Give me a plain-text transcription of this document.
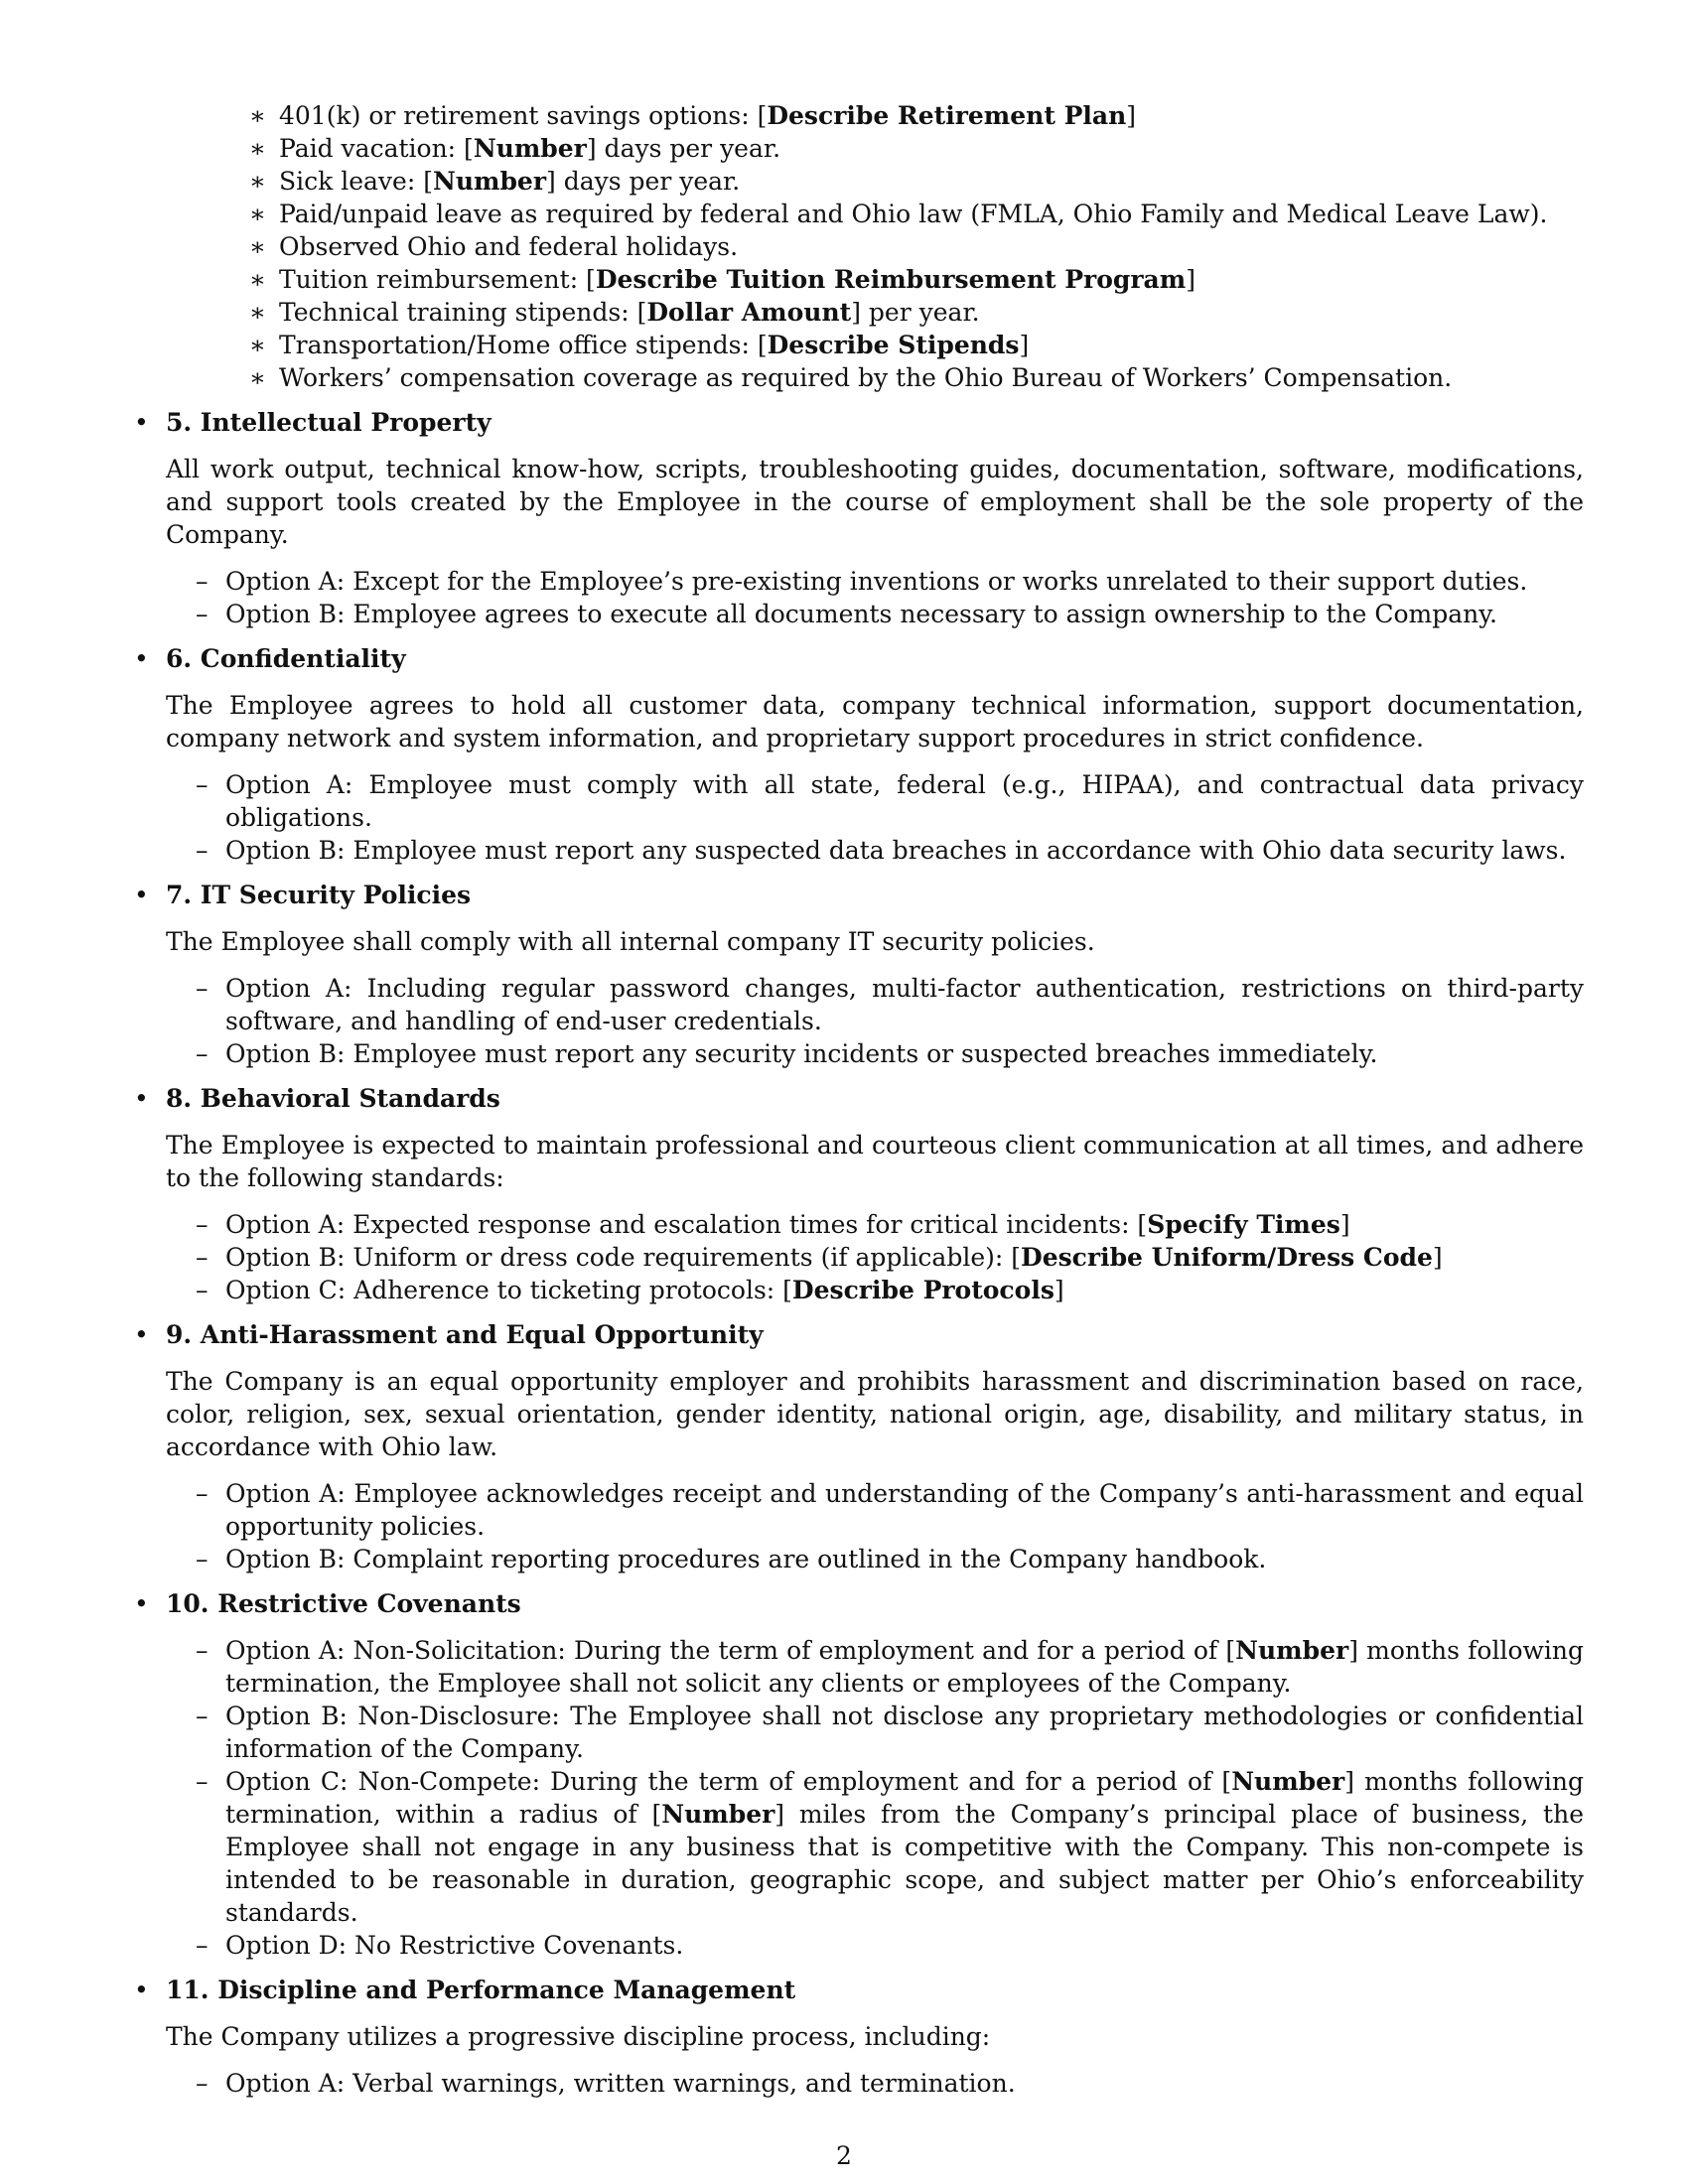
∗ 401(k) or retirement savings options: [Describe Retirement Plan]
∗ Paid vacation: [Number] days per year.
∗ Sick leave: [Number] days per year.
∗ Paid/unpaid leave as required by federal and Ohio law (FMLA, Ohio Family and Medical Leave Law).
∗ Observed Ohio and federal holidays.
∗ Tuition reimbursement: [Describe Tuition Reimbursement Program]
∗ Technical training stipends: [Dollar Amount] per year.
∗ Transportation/Home office stipends: [Describe Stipends]
∗ Workers’ compensation coverage as required by the Ohio Bureau of Workers’ Compensation.
• 5. Intellectual Property

All work output, technical know-how, scripts, troubleshooting guides, documentation, software, modifications, and support tools created by the Employee in the course of employment shall be the sole property of the Company.

– Option A: Except for the Employee’s pre-existing inventions or works unrelated to their support duties.
– Option B: Employee agrees to execute all documents necessary to assign ownership to the Company.
• 6. Confidentiality

The Employee agrees to hold all customer data, company technical information, support documentation, company network and system information, and proprietary support procedures in strict confidence.

– Option A: Employee must comply with all state, federal (e.g., HIPAA), and contractual data privacy obligations.
– Option B: Employee must report any suspected data breaches in accordance with Ohio data security laws.
• 7. IT Security Policies

The Employee shall comply with all internal company IT security policies.

– Option A: Including regular password changes, multi-factor authentication, restrictions on third-party software, and handling of end-user credentials.
– Option B: Employee must report any security incidents or suspected breaches immediately.
• 8. Behavioral Standards

The Employee is expected to maintain professional and courteous client communication at all times, and adhere to the following standards:

– Option A: Expected response and escalation times for critical incidents: [Specify Times]
– Option B: Uniform or dress code requirements (if applicable): [Describe Uniform/Dress Code]
– Option C: Adherence to ticketing protocols: [Describe Protocols]
• 9. Anti-Harassment and Equal Opportunity

The Company is an equal opportunity employer and prohibits harassment and discrimination based on race, color, religion, sex, sexual orientation, gender identity, national origin, age, disability, and military status, in accordance with Ohio law.

– Option A: Employee acknowledges receipt and understanding of the Company’s anti-harassment and equal opportunity policies.
– Option B: Complaint reporting procedures are outlined in the Company handbook.
• 10. Restrictive Covenants
– Option A: Non-Solicitation: During the term of employment and for a period of [Number] months following termination, the Employee shall not solicit any clients or employees of the Company.
– Option B: Non-Disclosure: The Employee shall not disclose any proprietary methodologies or confidential information of the Company.
– Option C: Non-Compete: During the term of employment and for a period of [Number] months following termination, within a radius of [Number] miles from the Company’s principal place of business, the Employee shall not engage in any business that is competitive with the Company. This non-compete is intended to be reasonable in duration, geographic scope, and subject matter per Ohio’s enforceability standards.
– Option D: No Restrictive Covenants.
• 11. Discipline and Performance Management

The Company utilizes a progressive discipline process, including:

– Option A: Verbal warnings, written warnings, and termination.
2
